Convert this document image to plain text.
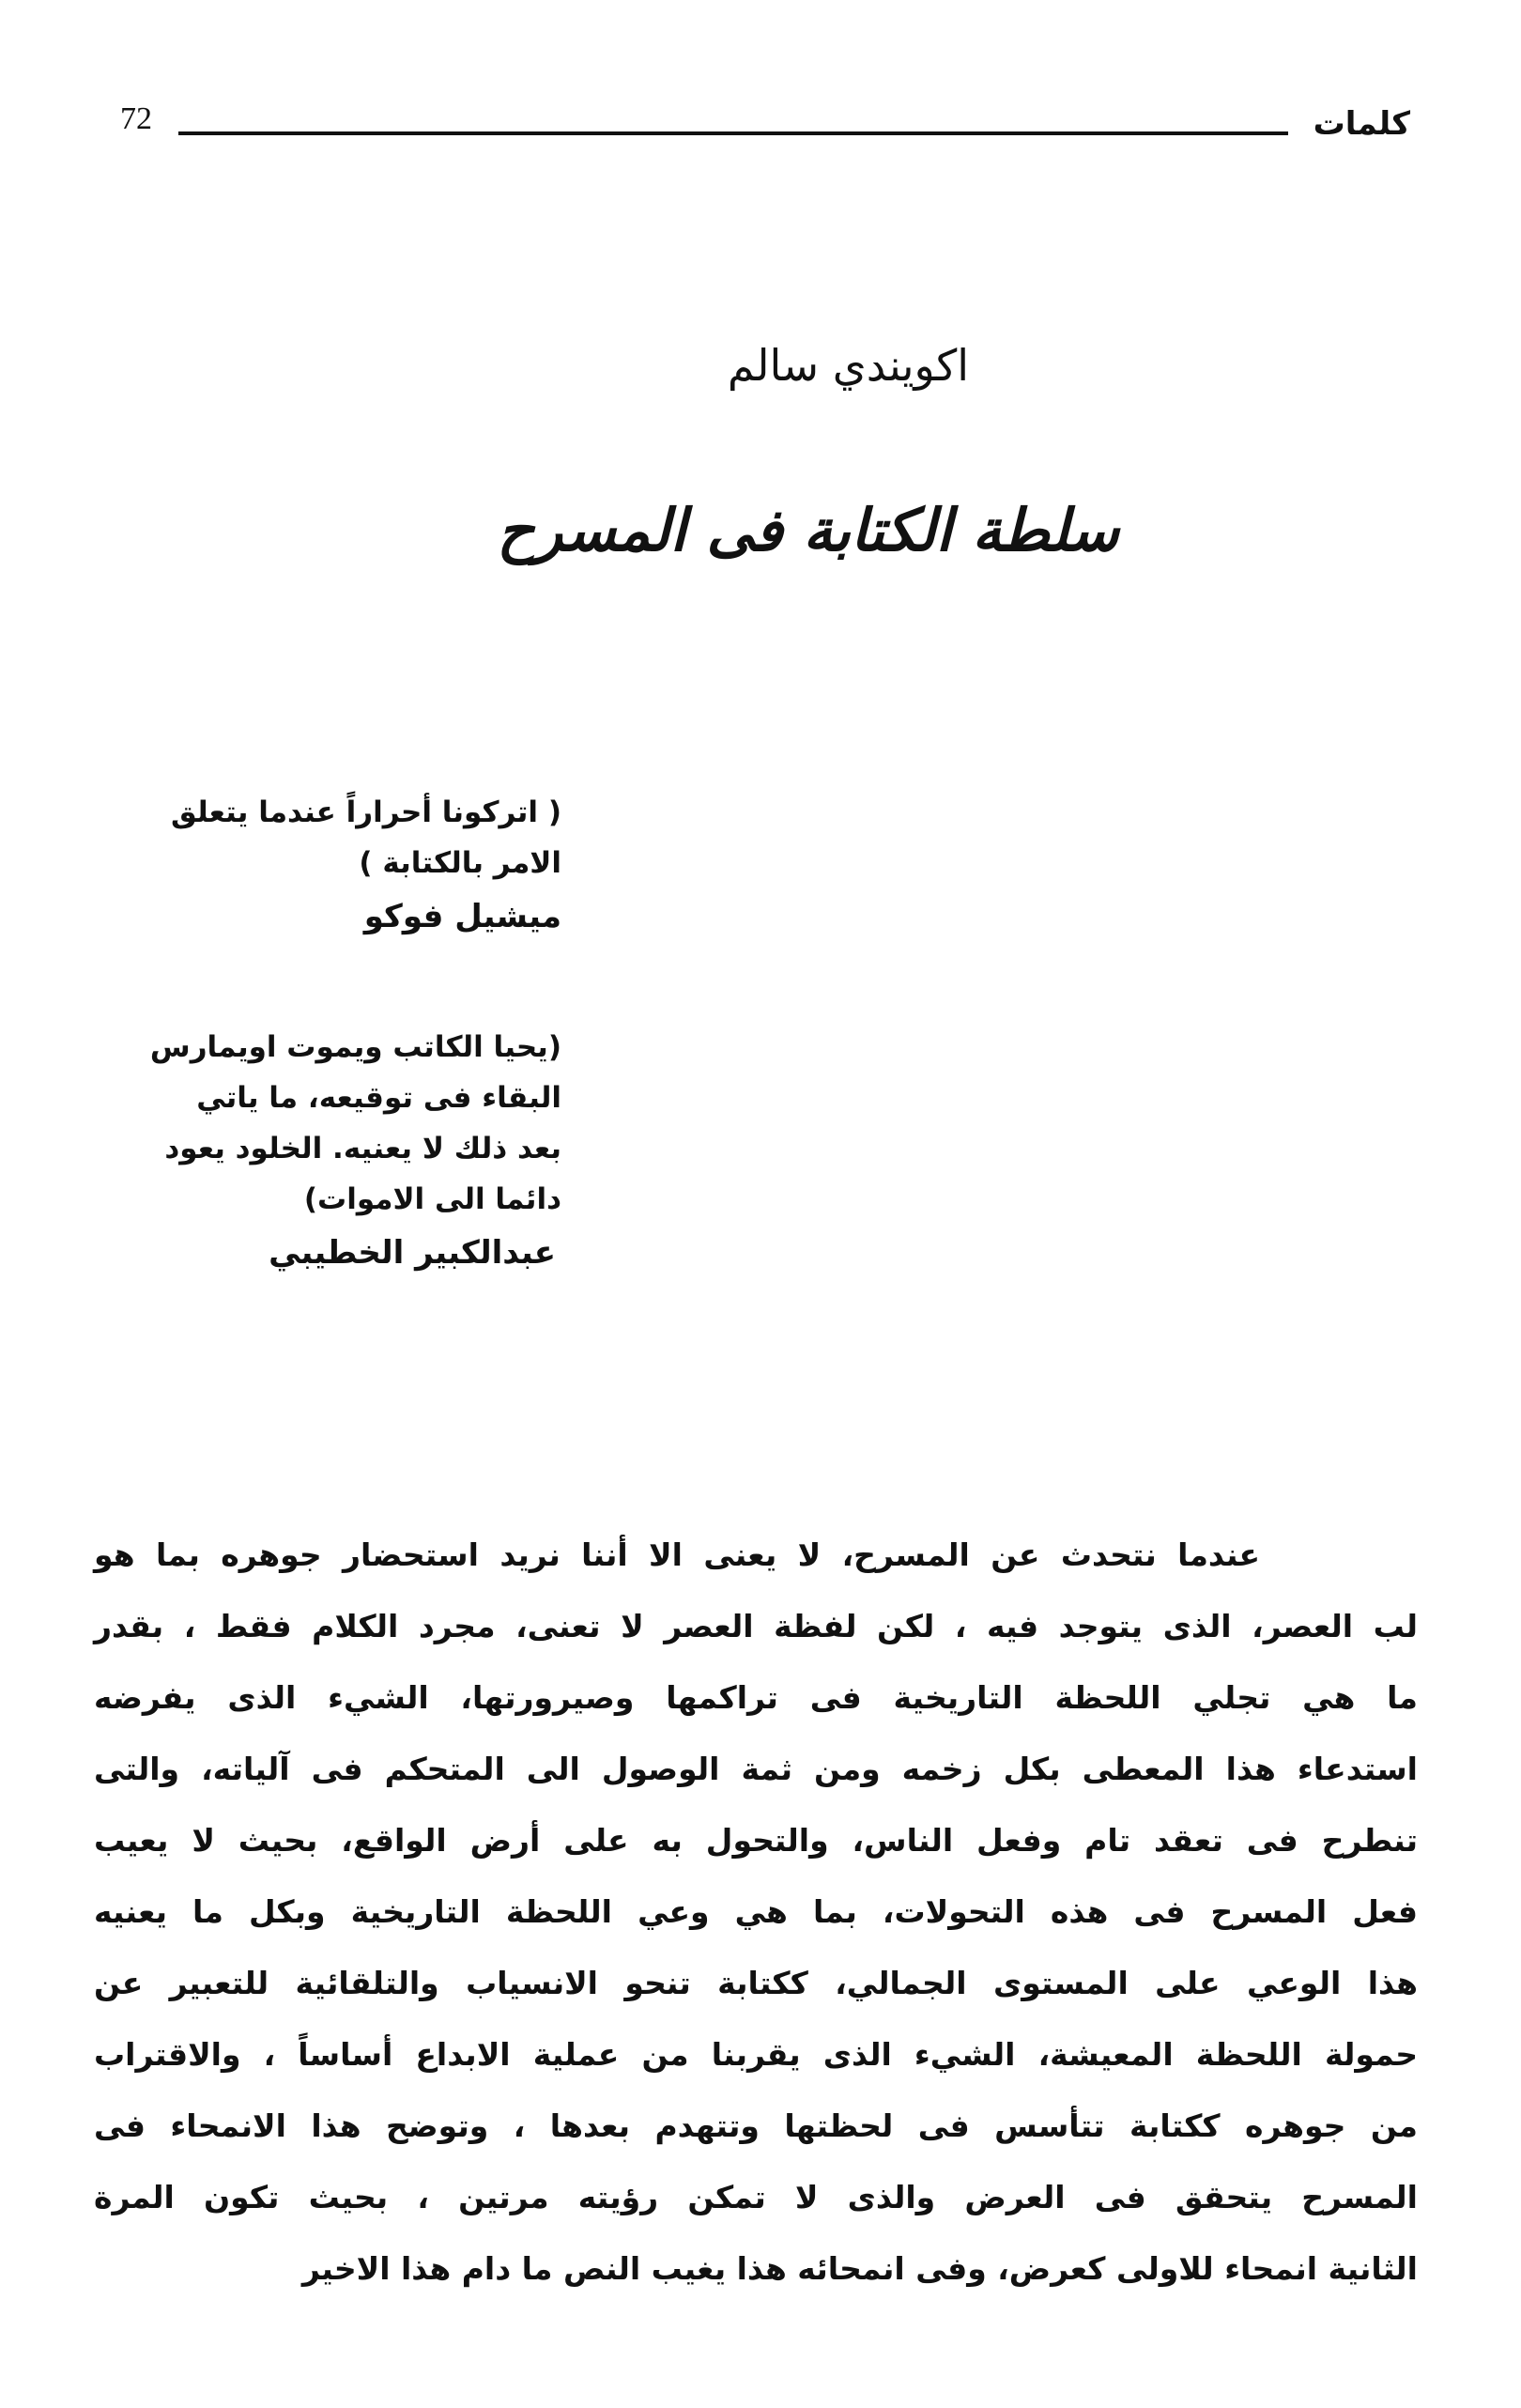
كلمات
72
اكويندي سالم
سلطة الكتابة فى المسرح
( اتركونا أحراراً عندما يتعلق
الامر بالكتابة )
ميشيل فوكو
(يحيا الكاتب ويموت اويمارس
البقاء فى توقيعه، ما ياتي
بعد ذلك لا يعنيه. الخلود يعود
دائما الى الاموات)
عبدالكبير الخطيبي
عندما نتحدث عن المسرح، لا يعنى الا أننا نريد استحضار جوهره بما هو
لب العصر، الذى يتوجد فيه ، لكن لفظة العصر لا تعنى، مجرد الكلام فقط ، بقدر
ما هي تجلي اللحظة التاريخية فى تراكمها وصيرورتها، الشيء الذى يفرضه
استدعاء هذا المعطى بكل زخمه ومن ثمة الوصول الى المتحكم فى آلياته، والتى
تنطرح فى تعقد تام وفعل الناس، والتحول به على أرض الواقع، بحيث لا يعيب
فعل المسرح فى هذه التحولات، بما هي وعي اللحظة التاريخية وبكل ما يعنيه
هذا الوعي على المستوى الجمالي، ككتابة تنحو الانسياب والتلقائية للتعبير عن
حمولة اللحظة المعيشة، الشيء الذى يقربنا من عملية الابداع أساساً ، والاقتراب
من جوهره ككتابة تتأسس فى لحظتها وتتهدم بعدها ، وتوضح هذا الانمحاء فى
المسرح يتحقق فى العرض والذى لا تمكن رؤيته مرتين ، بحيث تكون المرة
الثانية انمحاء للاولى كعرض، وفى انمحائه هذا يغيب النص ما دام هذا الاخير
